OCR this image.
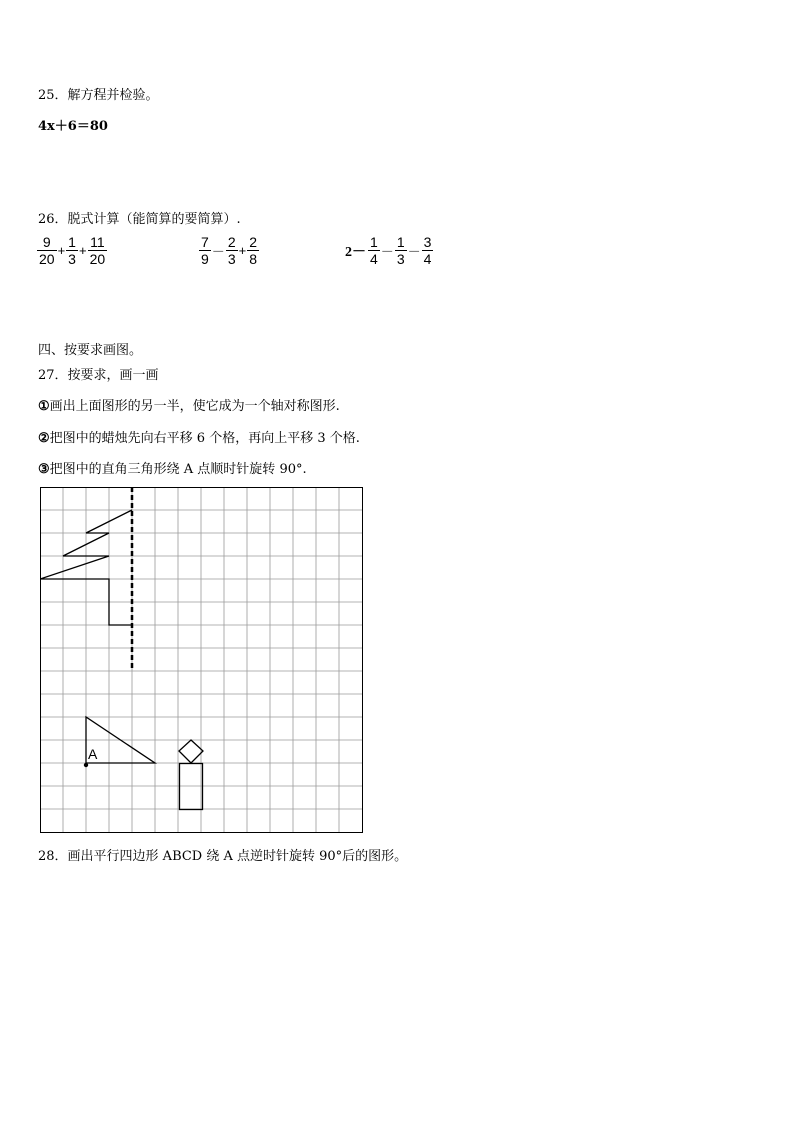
25．解方程并检验。
4x＋6＝80
26．脱式计算（能简算的要简算）.
$\frac{9}{20} + \frac{1}{3} + \frac{11}{20}$	$\frac{7}{9} - \frac{2}{3} + \frac{2}{8}$	$2- \frac{1}{4} - \frac{1}{3} - \frac{3}{4}$
四、按要求画图。
27．按要求，画一画
①画出上面图形的另一半，使它成为一个轴对称图形.
②把图中的蜡烛先向右平移 6 个格，再向上平移 3 个格.
③把图中的直角三角形绕 A 点顺时针旋转 90°.
A
28．画出平行四边形 ABCD 绕 A 点逆时针旋转 90°后的图形。
